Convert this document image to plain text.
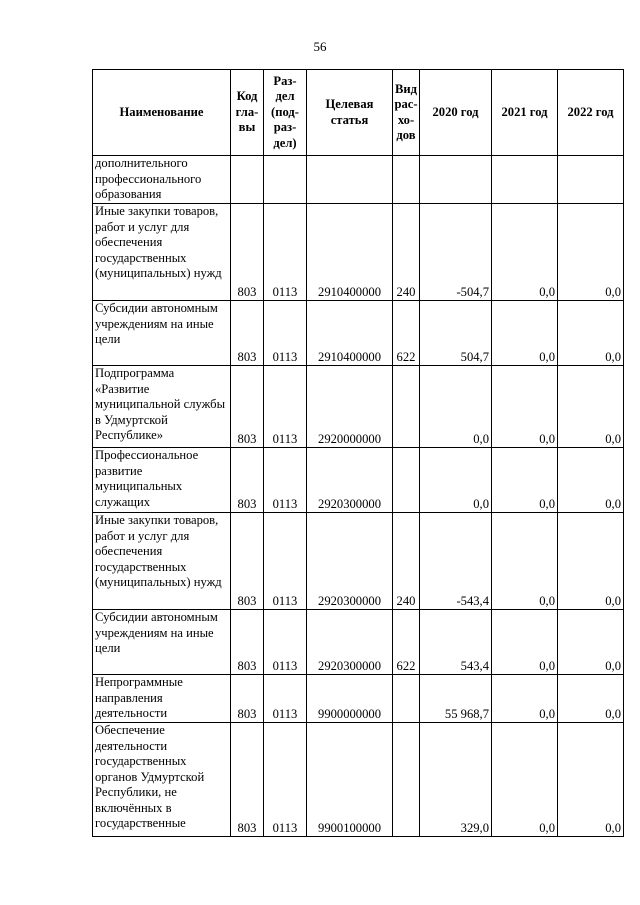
56
Наименование	Код гла-вы	Раз-дел (под-раз-дел)	Целевая статья	Вид рас-хо-дов	2020 год	2021 год	2022 год
дополнительного профессионального образования							
Иные закупки товаров, работ и услуг для обеспечения государственных (муниципальных) нужд	803	0113	2910400000	240	-504,7	0,0	0,0
Субсидии автономным учреждениям на иные цели	803	0113	2910400000	622	504,7	0,0	0,0
Подпрограмма «Развитие муниципальной службы в Удмуртской Республике»	803	0113	2920000000		0,0	0,0	0,0
Профессиональное развитие муниципальных служащих	803	0113	2920300000		0,0	0,0	0,0
Иные закупки товаров, работ и услуг для обеспечения государственных (муниципальных) нужд	803	0113	2920300000	240	-543,4	0,0	0,0
Субсидии автономным учреждениям на иные цели	803	0113	2920300000	622	543,4	0,0	0,0
Непрограммные направления деятельности	803	0113	9900000000		55 968,7	0,0	0,0
Обеспечение деятельности государственных органов Удмуртской Республики, не включённых в государственные	803	0113	9900100000		329,0	0,0	0,0
